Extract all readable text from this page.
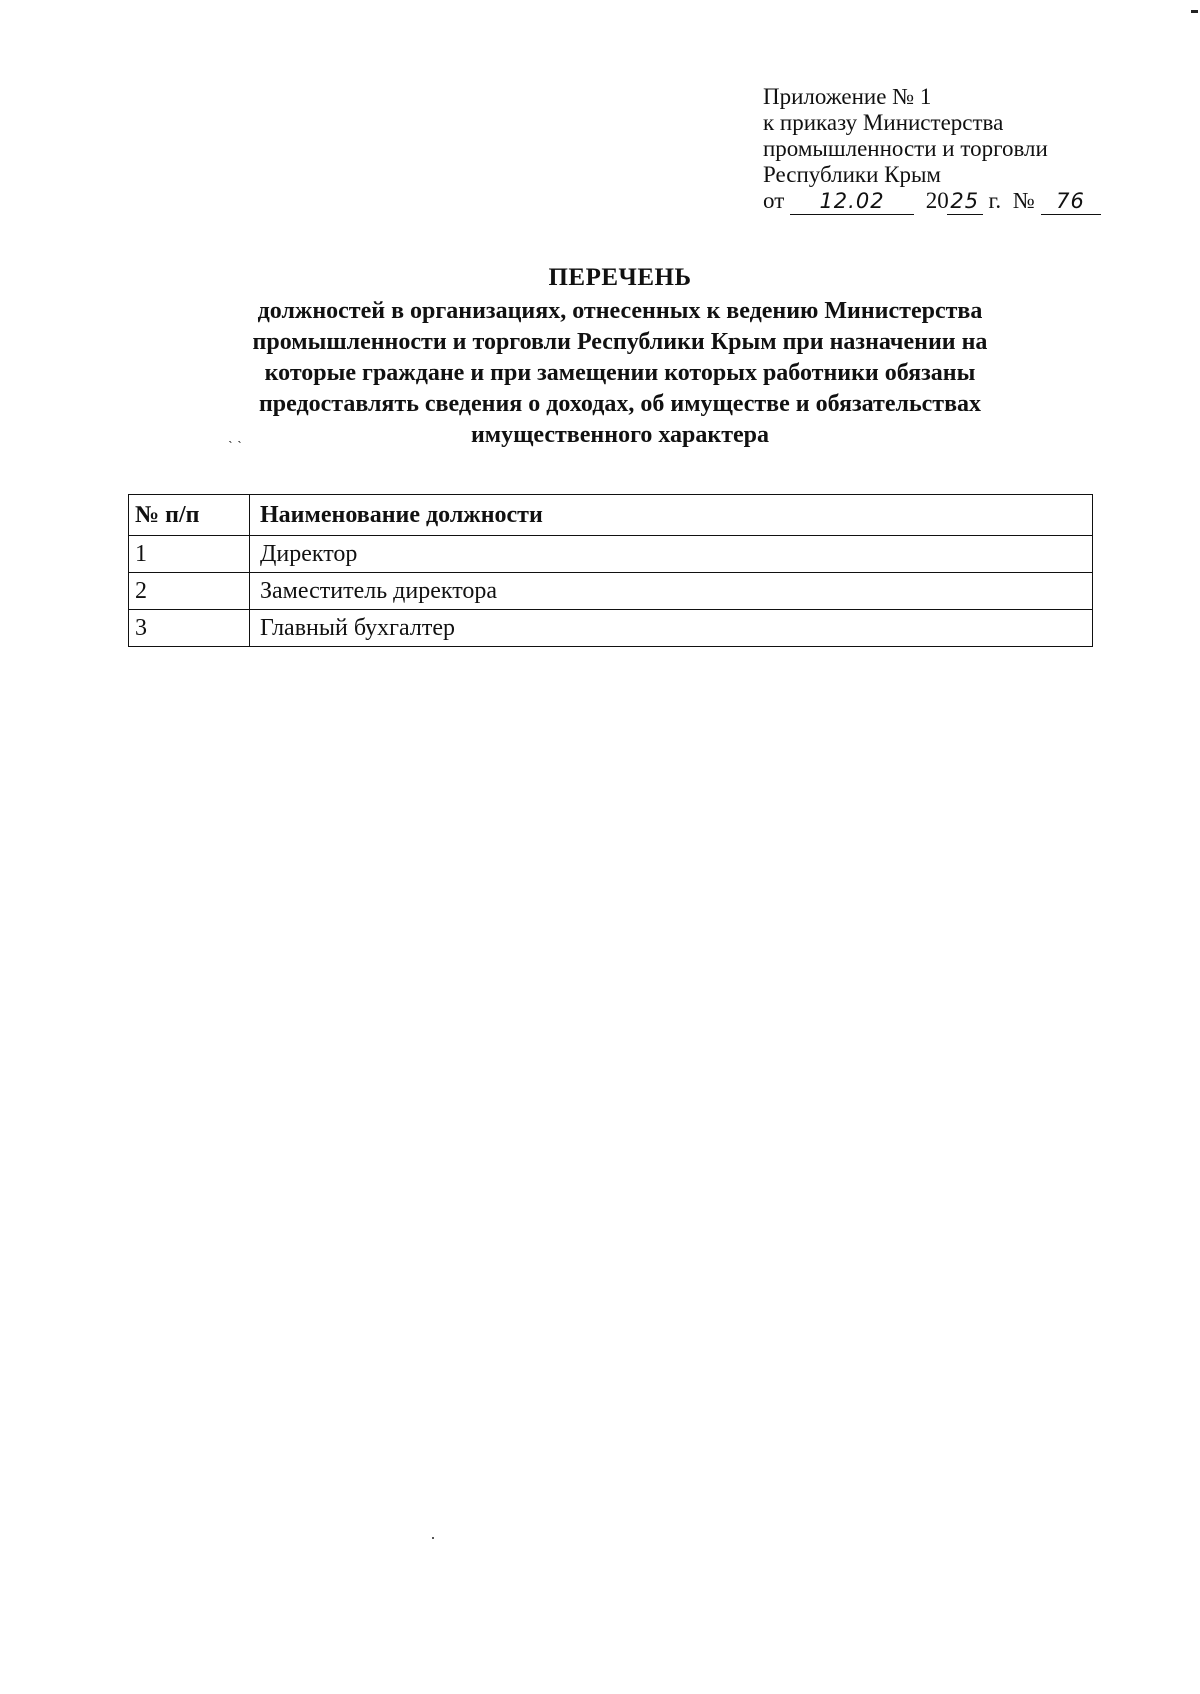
Приложение № 1
к приказу Министерства
промышленности и торговли
Республики Крым
от 12.02 2025 г. № 76
ПЕРЕЧЕНЬ
должностей в организациях, отнесенных к ведению Министерства
промышленности и торговли Республики Крым при назначении на
которые граждане и при замещении которых работники обязаны
предоставлять сведения о доходах, об имуществе и обязательствах
имущественного характера
˴ ˴
№ п/п	Наименование должности
1	Директор
2	Заместитель директора
3	Главный бухгалтер
